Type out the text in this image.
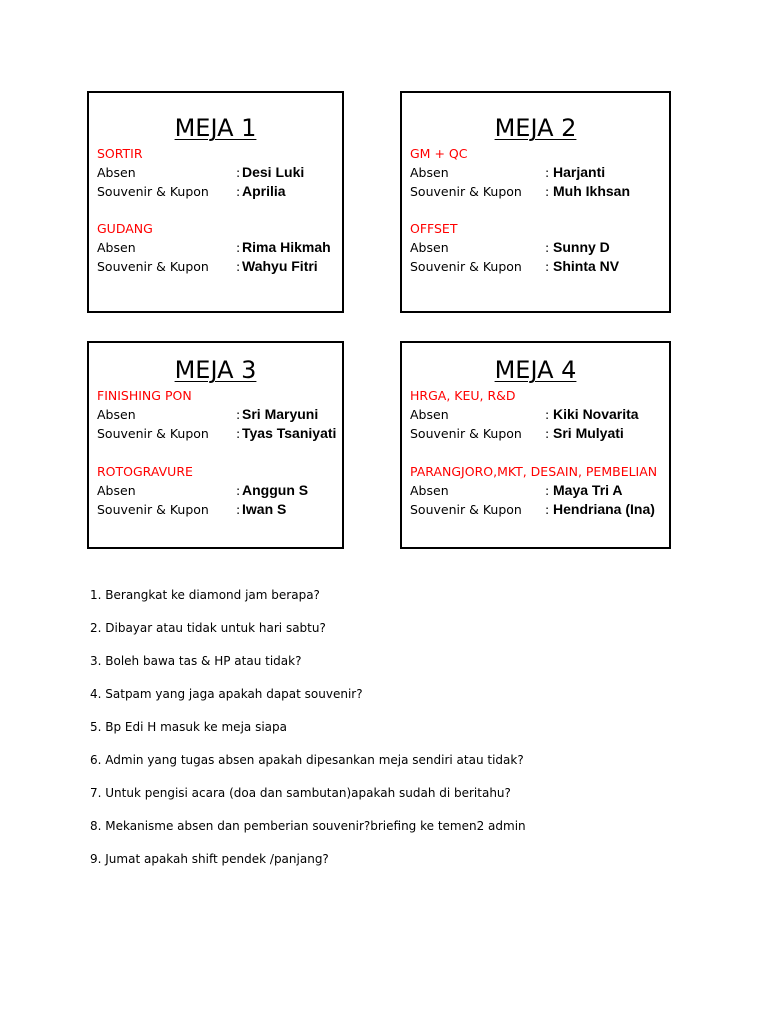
MEJA 1
SORTIR
Absen	: Desi Luki
Souvenir & Kupon : Aprilia
GUDANG
Absen	: Rima Hikmah
Souvenir & Kupon : Wahyu Fitri
MEJA 2
GM + QC
Absen	: Harjanti
Souvenir & Kupon : Muh Ikhsan
OFFSET
Absen	: Sunny D
Souvenir & Kupon : Shinta NV
MEJA 3
FINISHING PON
Absen	: Sri Maryuni
Souvenir & Kupon : Tyas Tsaniyati
ROTOGRAVURE
Absen	: Anggun S
Souvenir & Kupon : Iwan S
MEJA 4
HRGA, KEU, R&D
Absen	: Kiki Novarita
Souvenir & Kupon : Sri Mulyati
PARANGJORO,MKT, DESAIN, PEMBELIAN
Absen	: Maya Tri A
Souvenir & Kupon : Hendriana (Ina)
1. Berangkat ke diamond jam berapa?
2. Dibayar atau tidak untuk hari sabtu?
3. Boleh bawa tas & HP atau tidak?
4. Satpam yang jaga apakah dapat souvenir?
5. Bp Edi H masuk ke meja siapa
6. Admin yang tugas absen apakah dipesankan meja sendiri atau tidak?
7. Untuk pengisi acara (doa dan sambutan)apakah sudah di beritahu?
8. Mekanisme absen dan pemberian souvenir?briefing ke temen2 admin
9. Jumat apakah shift pendek /panjang?
